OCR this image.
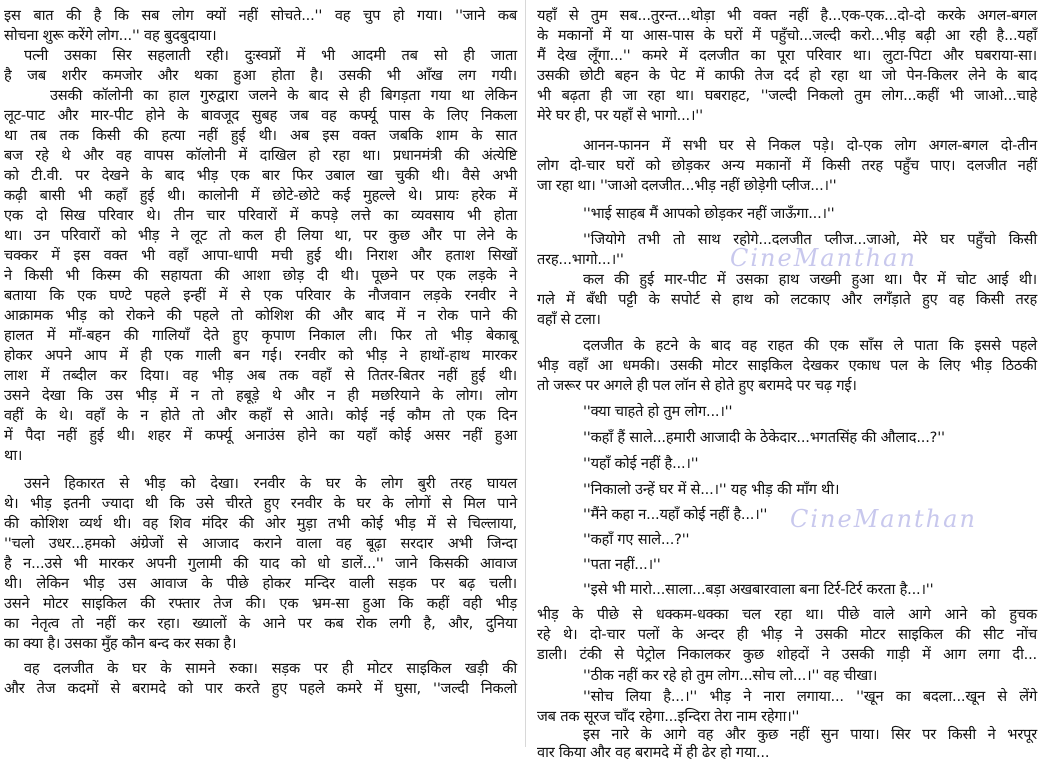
इस बात की है कि सब लोग क्यों नहीं सोचते...'' वह चुप हो गया। ''जाने कब
सोचना शुरू करेंगे लोग...'' वह बुदबुदाया।
पत्नी उसका सिर सहलाती रही। दुःस्वप्नों में भी आदमी तब सो ही जाता
है जब शरीर कमजोर और थका हुआ होता है। उसकी भी आँख लग गयी।
उसकी कॉलोनी का हाल गुरुद्वारा जलने के बाद से ही बिगड़ता गया था लेकिन
लूट-पाट और मार-पीट होने के बावजूद सुबह जब वह कर्फ्यू पास के लिए निकला
था तब तक किसी की हत्या नहीं हुई थी। अब इस वक्त जबकि शाम के सात
बज रहे थे और वह वापस कॉलोनी में दाखिल हो रहा था। प्रधानमंत्री की अंत्येष्टि
को टी.वी. पर देखने के बाद भीड़ एक बार फिर उबाल खा चुकी थी। वैसे अभी
कढ़ी बासी भी कहाँ हुई थी। कालोनी में छोटे-छोटे कई मुहल्ले थे। प्रायः हरेक में
एक दो सिख परिवार थे। तीन चार परिवारों में कपड़े लत्ते का व्यवसाय भी होता
था। उन परिवारों को भीड़ ने लूट तो कल ही लिया था, पर कुछ और पा लेने के
चक्कर में इस वक्त भी वहाँ आपा-धापी मची हुई थी। निराश और हताश सिखों
ने किसी भी किस्म की सहायता की आशा छोड़ दी थी। पूछने पर एक लड़के ने
बताया कि एक घण्टे पहले इन्हीं में से एक परिवार के नौजवान लड़के रनवीर ने
आक्रामक भीड़ को रोकने की पहले तो कोशिश की और बाद में न रोक पाने की
हालत में माँ-बहन की गालियाँ देते हुए कृपाण निकाल ली। फिर तो भीड़ बेकाबू
होकर अपने आप में ही एक गाली बन गई। रनवीर को भीड़ ने हाथों-हाथ मारकर
लाश में तब्दील कर दिया। वह भीड़ अब तक वहाँ से तितर-बितर नहीं हुई थी।
उसने देखा कि उस भीड़ में न तो हबूड़े थे और न ही मछरियाने के लोग। लोग
वहीं के थे। वहाँ के न होते तो और कहाँ से आते। कोई नई कौम तो एक दिन
में पैदा नहीं हुई थी। शहर में कर्फ्यू अनाउंस होने का यहाँ कोई असर नहीं हुआ
था।
उसने हिकारत से भीड़ को देखा। रनवीर के घर के लोग बुरी तरह घायल
थे। भीड़ इतनी ज्यादा थी कि उसे चीरते हुए रनवीर के घर के लोगों से मिल पाने
की कोशिश व्यर्थ थी। वह शिव मंदिर की ओर मुड़ा तभी कोई भीड़ में से चिल्लाया,
''चलो उधर...हमको अंग्रेजों से आजाद कराने वाला वह बूढ़ा सरदार अभी जिन्दा
है न...उसे भी मारकर अपनी गुलामी की याद को धो डालें...'' जाने किसकी आवाज
थी। लेकिन भीड़ उस आवाज के पीछे होकर मन्दिर वाली सड़क पर बढ़ चली।
उसने मोटर साइकिल की रफ्तार तेज की। एक भ्रम-सा हुआ कि कहीं वही भीड़
का नेतृत्व तो नहीं कर रहा। ख्यालों के आने पर कब रोक लगी है, और, दुनिया
का क्या है। उसका मुँह कौन बन्द कर सका है।
वह दलजीत के घर के सामने रुका। सड़क पर ही मोटर साइकिल खड़ी की
और तेज कदमों से बरामदे को पार करते हुए पहले कमरे में घुसा, ''जल्दी निकलो
यहाँ से तुम सब...तुरन्त...थोड़ा भी वक्त नहीं है...एक-एक...दो-दो करके अगल-बगल
के मकानों में या आस-पास के घरों में पहुँचो...जल्दी करो...भीड़ बढ़ी आ रही है...यहाँ
मैं देख लूँगा...'' कमरे में दलजीत का पूरा परिवार था। लुटा-पिटा और घबराया-सा।
उसकी छोटी बहन के पेट में काफी तेज दर्द हो रहा था जो पेन-किलर लेने के बाद
भी बढ़ता ही जा रहा था। घबराहट, ''जल्दी निकलो तुम लोग...कहीं भी जाओ...चाहे
मेरे घर ही, पर यहाँ से भागो...।''
आनन-फानन में सभी घर से निकल पड़े। दो-एक लोग अगल-बगल दो-तीन
लोग दो-चार घरों को छोड़कर अन्य मकानों में किसी तरह पहुँच पाए। दलजीत नहीं
जा रहा था। ''जाओ दलजीत...भीड़ नहीं छोड़ेगी प्लीज...।''
''भाई साहब मैं आपको छोड़कर नहीं जाऊँगा...।''
''जियोगे तभी तो साथ रहोगे...दलजीत प्लीज...जाओ, मेरे घर पहुँचो किसी
तरह...भागो...।''
कल की हुई मार-पीट में उसका हाथ जख्मी हुआ था। पैर में चोट आई थी।
गले में बँधी पट्टी के सपोर्ट से हाथ को लटकाए और लगँड़ाते हुए वह किसी तरह
वहाँ से टला।
दलजीत के हटने के बाद वह राहत की एक साँस ले पाता कि इससे पहले
भीड़ वहाँ आ धमकी। उसकी मोटर साइकिल देखकर एकाध पल के लिए भीड़ ठिठकी
तो जरूर पर अगले ही पल लॉन से होते हुए बरामदे पर चढ़ गई।
''क्या चाहते हो तुम लोग...।''
''कहाँ हैं साले...हमारी आजादी के ठेकेदार...भगतसिंह की औलाद...?''
''यहाँ कोई नहीं है...।''
''निकालो उन्हें घर में से...।'' यह भीड़ की माँग थी।
''मैंने कहा न...यहाँ कोई नहीं है...।''
''कहाँ गए साले...?''
''पता नहीं...।''
''इसे भी मारो...साला...बड़ा अखबारवाला बना टिर्र-टिर्र करता है...।''
भीड़ के पीछे से धक्कम-धक्का चल रहा था। पीछे वाले आगे आने को हुचक
रहे थे। दो-चार पलों के अन्दर ही भीड़ ने उसकी मोटर साइकिल की सीट नोंच
डाली। टंकी से पेट्रोल निकालकर कुछ शोहदों ने उसकी गाड़ी में आग लगा दी...
''ठीक नहीं कर रहे हो तुम लोग...सोच लो...।'' वह चीखा।
''सोच लिया है...।'' भीड़ ने नारा लगाया... ''खून का बदला...खून से लेंगे
जब तक सूरज चाँद रहेगा...इन्दिरा तेरा नाम रहेगा।''
इस नारे के आगे वह और कुछ नहीं सुन पाया। सिर पर किसी ने भरपूर
वार किया और वह बरामदे में ही ढेर हो गया...
CineManthan
CineManthan
